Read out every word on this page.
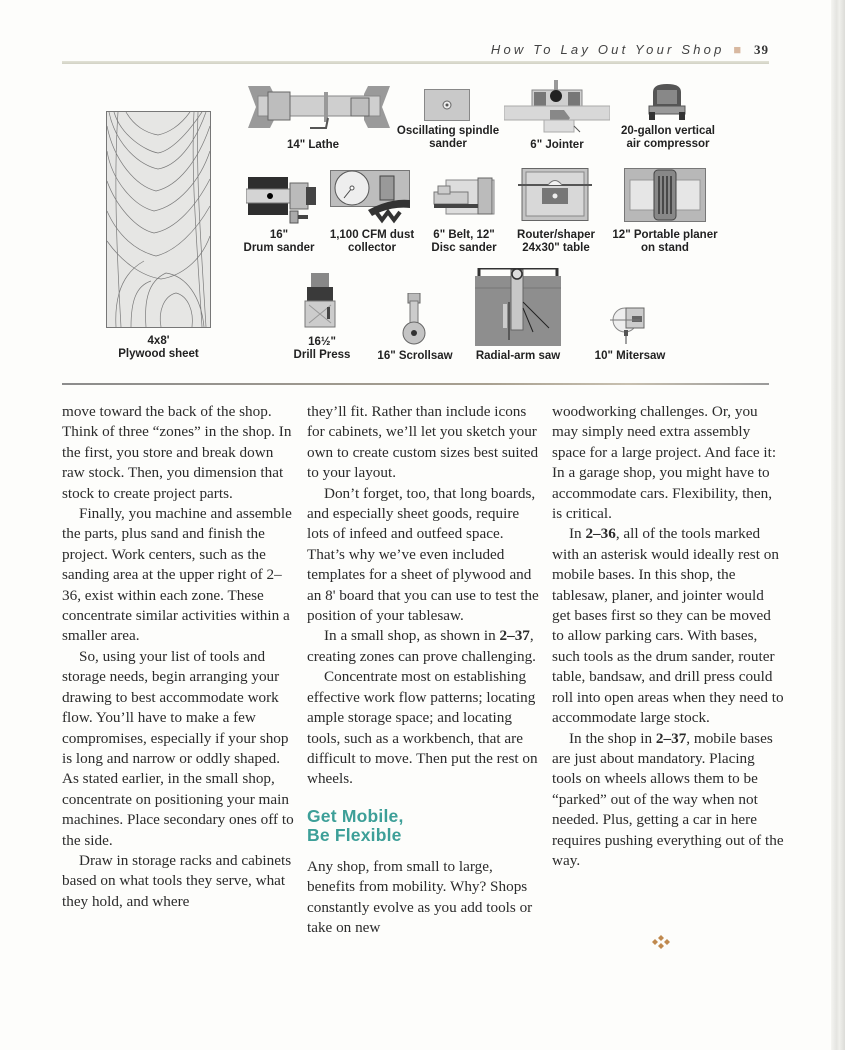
How To Lay Out Your Shop ■ 39
4x8'
Plywood sheet
14" Lathe
Oscillating spindle
sander	6" Jointer
20-gallon vertical
air compressor
16"
Drum sander
1,100 CFM dust
collector
6" Belt, 12"
Disc sander
Router/shaper
24x30" table
12" Portable planer
on stand
16½"
Drill Press	16" Scrollsaw	Radial-arm saw	10" Mitersaw

move toward the back of the shop. Think of three “zones” in the shop. In the first, you store and break down raw stock. Then, you dimension that stock to create project parts.

Finally, you machine and assemble the parts, plus sand and finish the project. Work centers, such as the sanding area at the upper right of 2–36, exist within each zone. These concentrate similar activities within a smaller area.

So, using your list of tools and storage needs, begin arranging your drawing to best accommodate work flow. You’ll have to make a few compromises, especially if your shop is long and narrow or oddly shaped. As stated earlier, in the small shop, concentrate on positioning your main machines. Place secondary ones off to the side.

Draw in storage racks and cabinets based on what tools they serve, what they hold, and where

they’ll fit. Rather than include icons for cabinets, we’ll let you sketch your own to create custom sizes best suited to your layout.

Don’t forget, too, that long boards, and especially sheet goods, require lots of infeed and outfeed space. That’s why we’ve even included templates for a sheet of plywood and an 8' board that you can use to test the position of your tablesaw.

In a small shop, as shown in 2–37, creating zones can prove challenging.

Concentrate most on establishing effective work flow patterns; locating ample storage space; and locating tools, such as a workbench, that are difficult to move. Then put the rest on wheels.

Get Mobile,
Be Flexible

Any shop, from small to large, benefits from mobility. Why? Shops constantly evolve as you add tools or take on new

woodworking challenges. Or, you may simply need extra assembly space for a large project. And face it: In a garage shop, you might have to accommodate cars. Flexibility, then, is critical.

In 2–36, all of the tools marked with an asterisk would ideally rest on mobile bases. In this shop, the tablesaw, planer, and jointer would get bases first so they can be moved to allow parking cars. With bases, such tools as the drum sander, router table, bandsaw, and drill press could roll into open areas when they need to accommodate large stock.

In the shop in 2–37, mobile bases are just about mandatory. Placing tools on wheels allows them to be “parked” out of the way when not needed. Plus, getting a car in here requires pushing everything out of the way.
